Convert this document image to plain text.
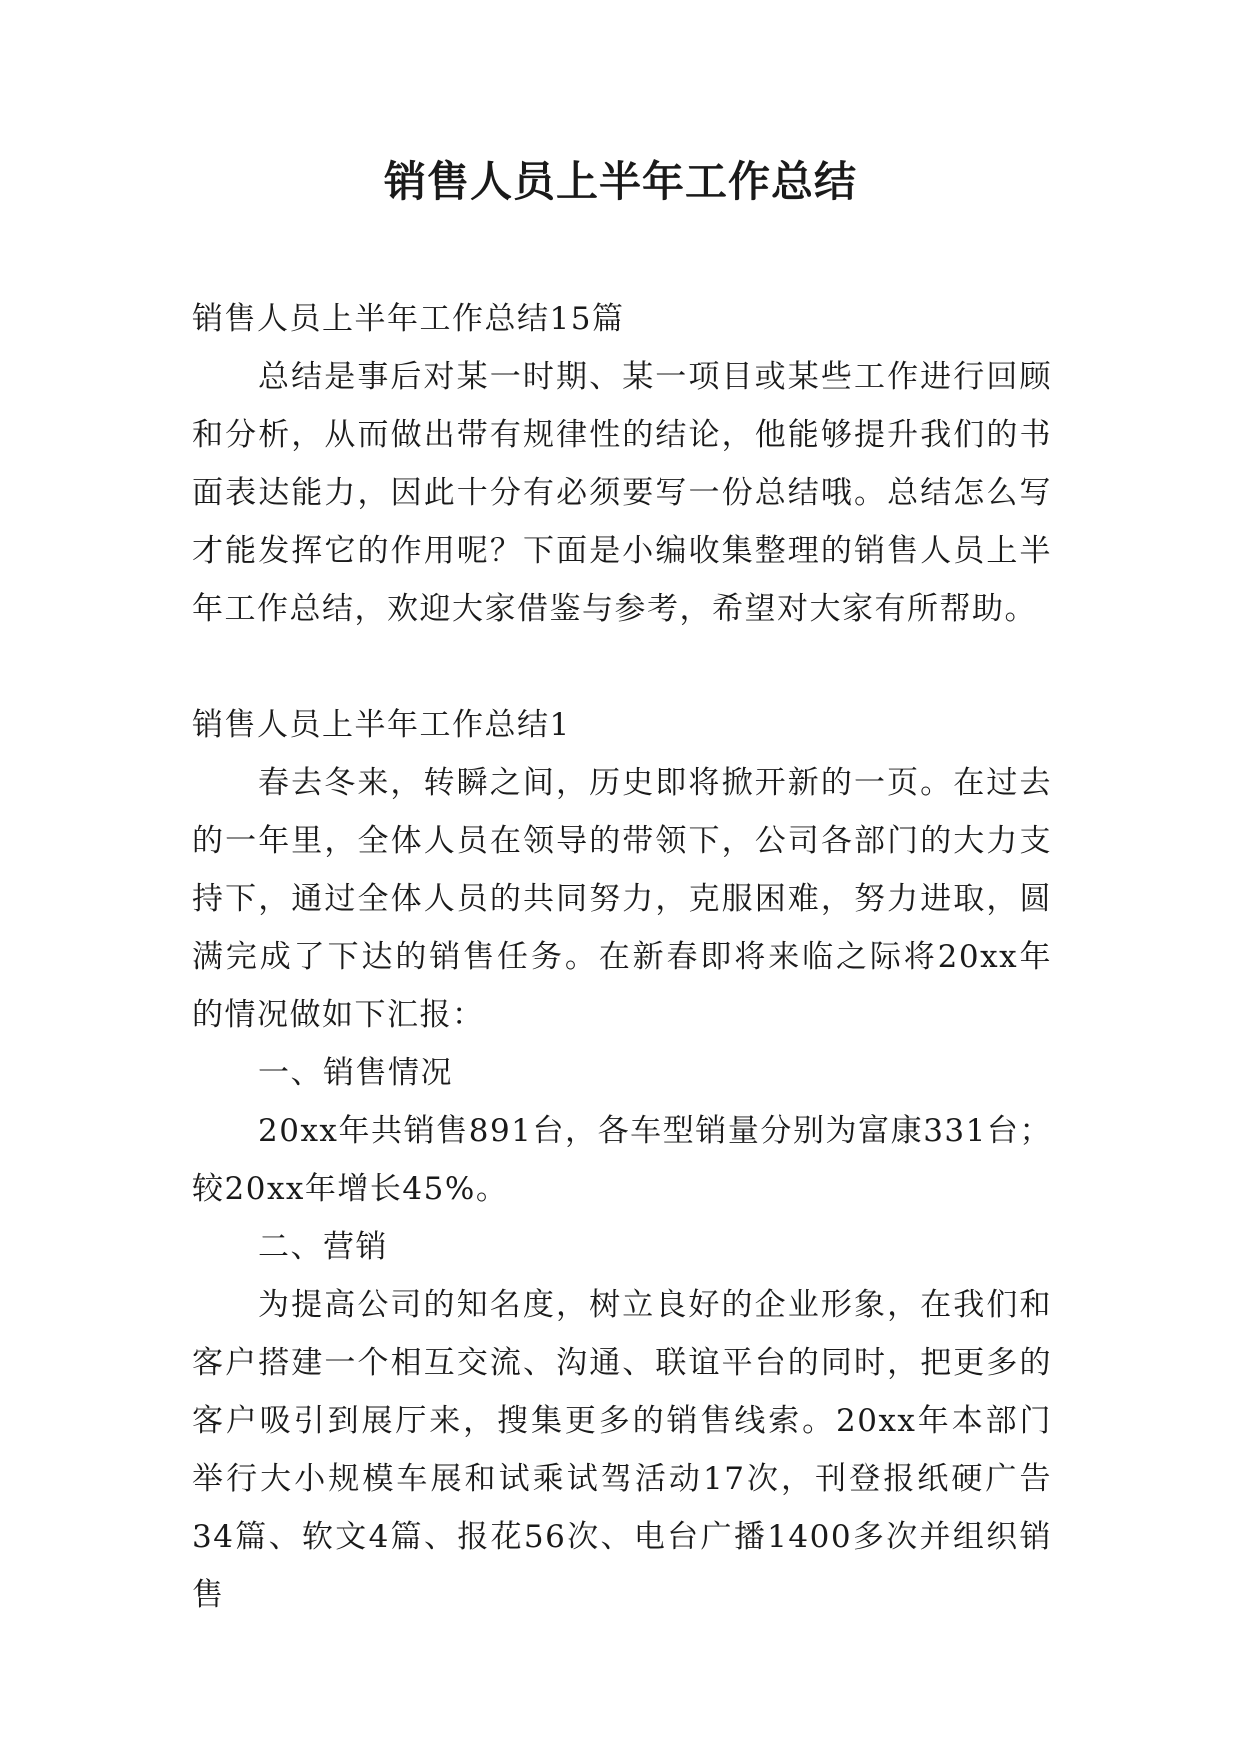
销售人员上半年工作总结

销售人员上半年工作总结15篇

总结是事后对某一时期、某一项目或某些工作进行回顾和分析，从而做出带有规律性的结论，他能够提升我们的书面表达能力，因此十分有必须要写一份总结哦。总结怎么写才能发挥它的作用呢？下面是小编收集整理的销售人员上半年工作总结，欢迎大家借鉴与参考，希望对大家有所帮助。

销售人员上半年工作总结1

春去冬来，转瞬之间，历史即将掀开新的一页。在过去的一年里，全体人员在领导的带领下，公司各部门的大力支持下，通过全体人员的共同努力，克服困难，努力进取，圆满完成了下达的销售任务。在新春即将来临之际将20xx年的情况做如下汇报：

一、销售情况

20xx年共销售891台，各车型销量分别为富康331台；较20xx年增长45%。

二、营销

为提高公司的知名度，树立良好的企业形象，在我们和客户搭建一个相互交流、沟通、联谊平台的同时，把更多的客户吸引到展厅来，搜集更多的销售线索。20xx年本部门举行大小规模车展和试乘试驾活动17次，刊登报纸硬广告34篇、软文4篇、报花56次、电台广播1400多次并组织销售
